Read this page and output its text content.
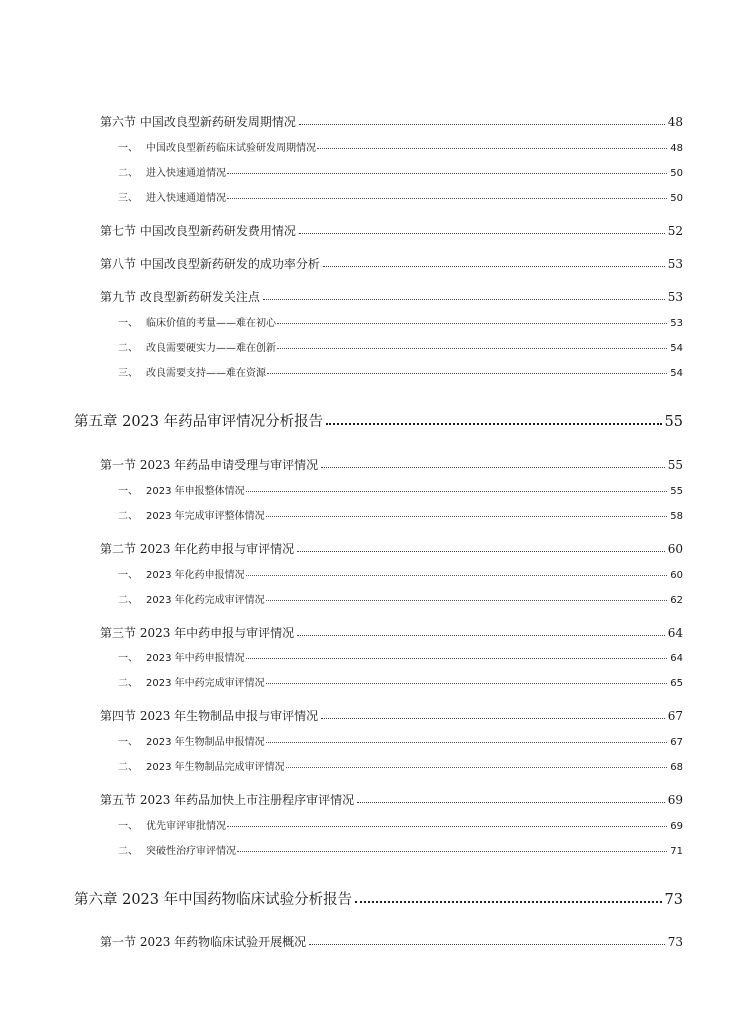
第六节 中国改良型新药研发周期情况	48
一、 中国改良型新药临床试验研发周期情况	48
二、 进入快速通道情况	50
三、 进入快速通道情况	50
第七节 中国改良型新药研发费用情况	52
第八节 中国改良型新药研发的成功率分析	53
第九节 改良型新药研发关注点	53
一、 临床价值的考量——难在初心	53
二、 改良需要硬实力——难在创新	54
三、 改良需要支持——难在资源	54
第五章 2023 年药品审评情况分析报告	55
第一节 2023 年药品申请受理与审评情况	55
一、 2023 年申报整体情况	55
二、 2023 年完成审评整体情况	58
第二节 2023 年化药申报与审评情况	60
一、 2023 年化药申报情况	60
二、 2023 年化药完成审评情况	62
第三节 2023 年中药申报与审评情况	64
一、 2023 年中药申报情况	64
二、 2023 年中药完成审评情况	65
第四节 2023 年生物制品申报与审评情况	67
一、 2023 年生物制品申报情况	67
二、 2023 年生物制品完成审评情况	68
第五节 2023 年药品加快上市注册程序审评情况	69
一、 优先审评审批情况	69
二、 突破性治疗审评情况	71
第六章 2023 年中国药物临床试验分析报告	73
第一节 2023 年药物临床试验开展概况	73
